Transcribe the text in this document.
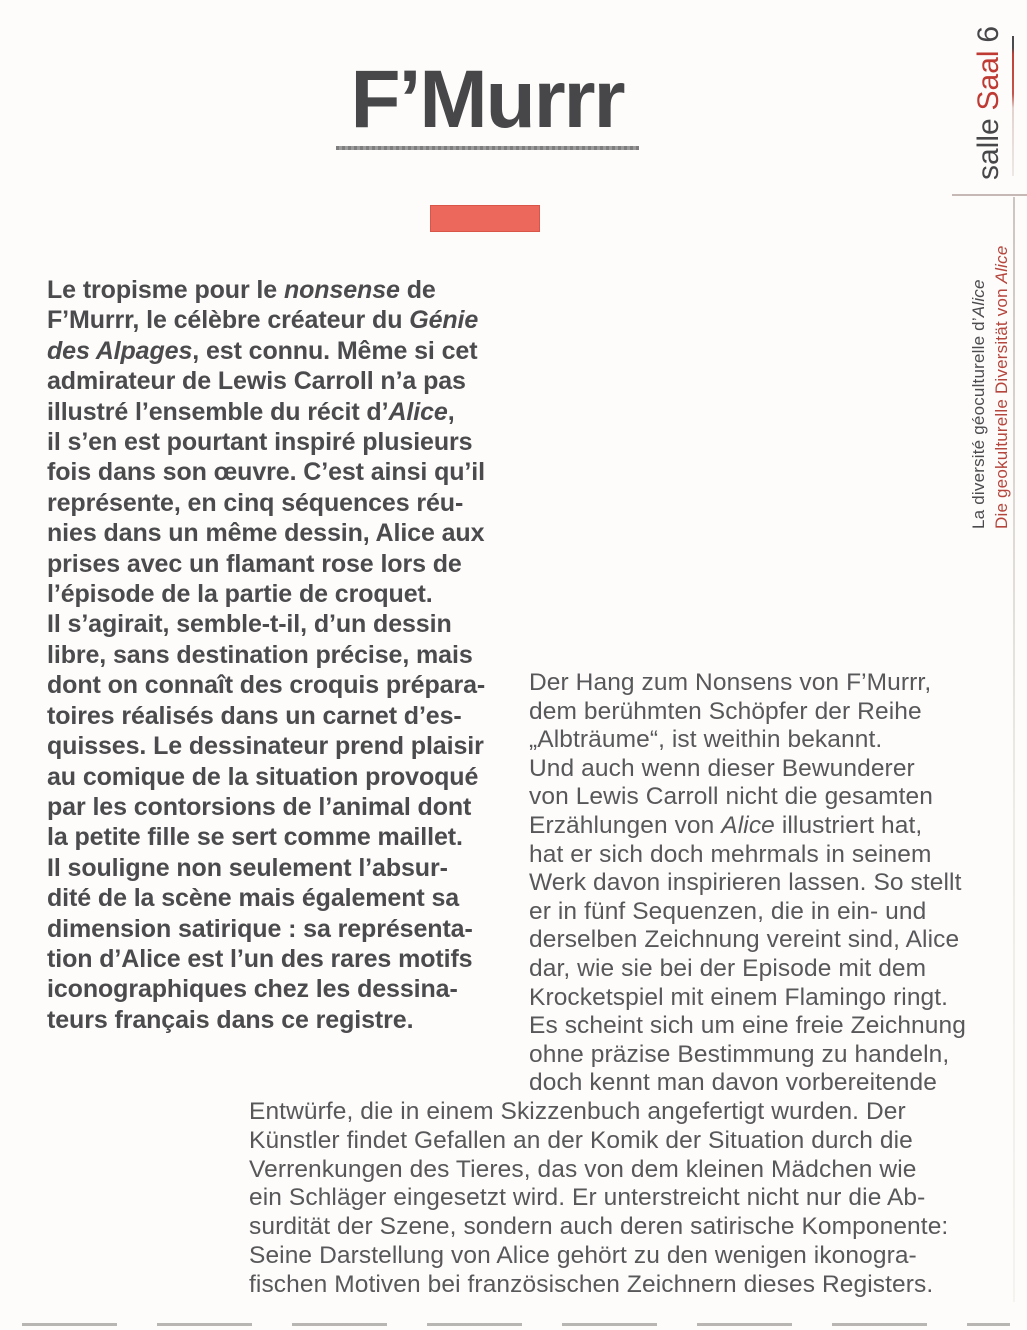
F’Murrr
Le tropisme pour le nonsense de
F’Murrr, le célèbre créateur du Génie
des Alpages, est connu. Même si cet
admirateur de Lewis Carroll n’a pas
illustré l’ensemble du récit d’Alice,
il s’en est pourtant inspiré plusieurs
fois dans son œuvre. C’est ainsi qu’il
représente, en cinq séquences réu-
nies dans un même dessin, Alice aux
prises avec un flamant rose lors de
l’épisode de la partie de croquet.
Il s’agirait, semble-t-il, d’un dessin
libre, sans destination précise, mais
dont on connaît des croquis prépara-
toires réalisés dans un carnet d’es-
quisses. Le dessinateur prend plaisir
au comique de la situation provoqué
par les contorsions de l’animal dont
la petite fille se sert comme maillet.
Il souligne non seulement l’absur-
dité de la scène mais également sa
dimension satirique : sa représenta-
tion d’Alice est l’un des rares motifs
iconographiques chez les dessina-
teurs français dans ce registre.
Der Hang zum Nonsens von F’Murrr,
dem berühmten Schöpfer der Reihe
„Albträume“, ist weithin bekannt.
Und auch wenn dieser Bewunderer
von Lewis Carroll nicht die gesamten
Erzählungen von Alice illustriert hat,
hat er sich doch mehrmals in seinem
Werk davon inspirieren lassen. So stellt
er in fünf Sequenzen, die in ein- und
derselben Zeichnung vereint sind, Alice
dar, wie sie bei der Episode mit dem
Krocketspiel mit einem Flamingo ringt.
Es scheint sich um eine freie Zeichnung
ohne präzise Bestimmung zu handeln,
doch kennt man davon vorbereitende
Entwürfe, die in einem Skizzenbuch angefertigt wurden. Der
Künstler findet Gefallen an der Komik der Situation durch die
Verrenkungen des Tieres, das von dem kleinen Mädchen wie
ein Schläger eingesetzt wird. Er unterstreicht nicht nur die Ab-
surdität der Szene, sondern auch deren satirische Komponente:
Seine Darstellung von Alice gehört zu den wenigen ikonogra-
fischen Motiven bei französischen Zeichnern dieses Registers.
salleSaal6
La diversité géoculturelle d’Alice Die geokulturelle Diversität von Alice
